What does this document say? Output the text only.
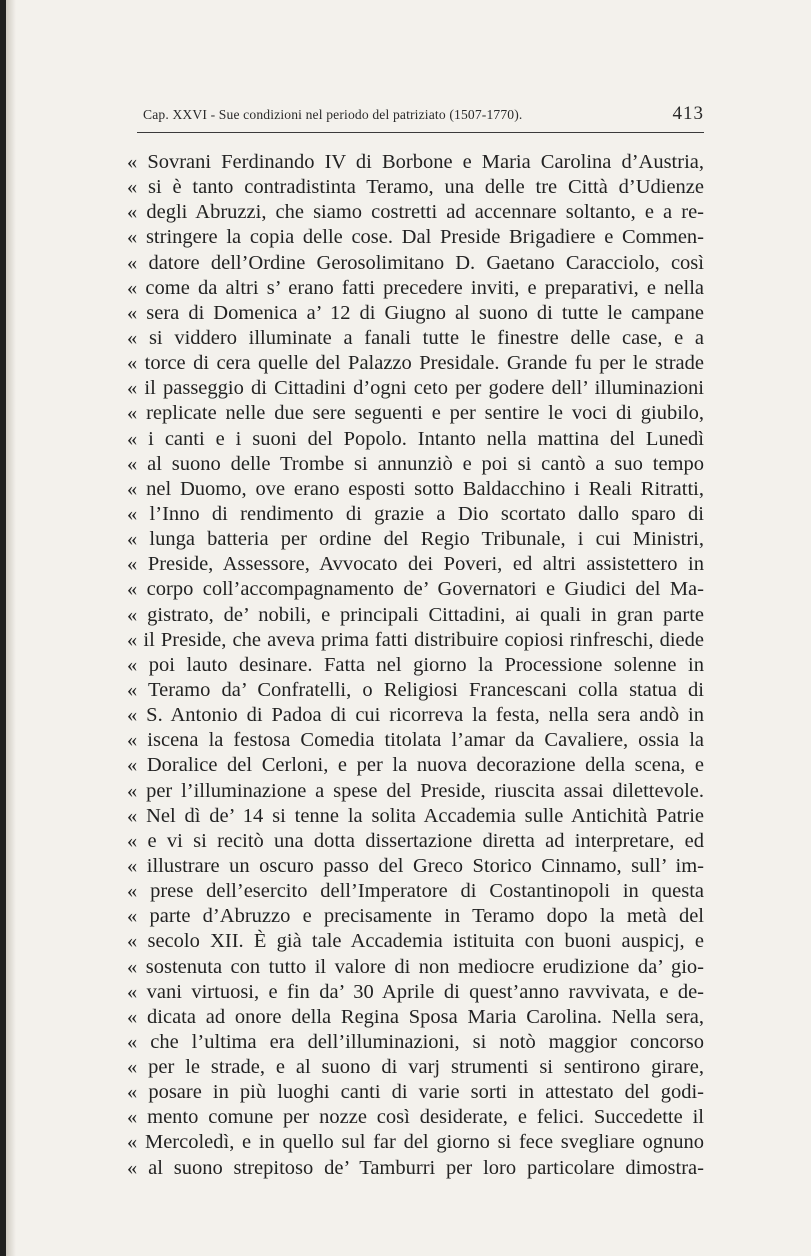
Cap. XXVI - Sue condizioni nel periodo del patriziato (1507-1770).	413
« Sovrani Ferdinando IV di Borbone e Maria Carolina d’Austria,
« si è tanto contradistinta Teramo, una delle tre Città d’Udienze
« degli Abruzzi, che siamo costretti ad accennare soltanto, e a re-
« stringere la copia delle cose. Dal Preside Brigadiere e Commen-
« datore dell’Ordine Gerosolimitano D. Gaetano Caracciolo, così
« come da altri s’ erano fatti precedere inviti, e preparativi, e nella
« sera di Domenica a’ 12 di Giugno al suono di tutte le campane
« si viddero illuminate a fanali tutte le finestre delle case, e a
« torce di cera quelle del Palazzo Presidale. Grande fu per le strade
« il passeggio di Cittadini d’ogni ceto per godere dell’ illuminazioni
« replicate nelle due sere seguenti e per sentire le voci di giubilo,
« i canti e i suoni del Popolo. Intanto nella mattina del Lunedì
« al suono delle Trombe si annunziò e poi si cantò a suo tempo
« nel Duomo, ove erano esposti sotto Baldacchino i Reali Ritratti,
« l’Inno di rendimento di grazie a Dio scortato dallo sparo di
« lunga batteria per ordine del Regio Tribunale, i cui Ministri,
« Preside, Assessore, Avvocato dei Poveri, ed altri assistettero in
« corpo coll’accompagnamento de’ Governatori e Giudici del Ma-
« gistrato, de’ nobili, e principali Cittadini, ai quali in gran parte
« il Preside, che aveva prima fatti distribuire copiosi rinfreschi, diede
« poi lauto desinare. Fatta nel giorno la Processione solenne in
« Teramo da’ Confratelli, o Religiosi Francescani colla statua di
« S. Antonio di Padoa di cui ricorreva la festa, nella sera andò in
« iscena la festosa Comedia titolata l’amar da Cavaliere, ossia la
« Doralice del Cerloni, e per la nuova decorazione della scena, e
« per l’illuminazione a spese del Preside, riuscita assai dilettevole.
« Nel dì de’ 14 si tenne la solita Accademia sulle Antichità Patrie
« e vi si recitò una dotta dissertazione diretta ad interpretare, ed
« illustrare un oscuro passo del Greco Storico Cinnamo, sull’ im-
« prese dell’esercito dell’Imperatore di Costantinopoli in questa
« parte d’Abruzzo e precisamente in Teramo dopo la metà del
« secolo XII. È già tale Accademia istituita con buoni auspicj, e
« sostenuta con tutto il valore di non mediocre erudizione da’ gio-
« vani virtuosi, e fin da’ 30 Aprile di quest’anno ravvivata, e de-
« dicata ad onore della Regina Sposa Maria Carolina. Nella sera,
« che l’ultima era dell’illuminazioni, si notò maggior concorso
« per le strade, e al suono di varj strumenti si sentirono girare,
« posare in più luoghi canti di varie sorti in attestato del godi-
« mento comune per nozze così desiderate, e felici. Succedette il
« Mercoledì, e in quello sul far del giorno si fece svegliare ognuno
« al suono strepitoso de’ Tamburri per loro particolare dimostra-
